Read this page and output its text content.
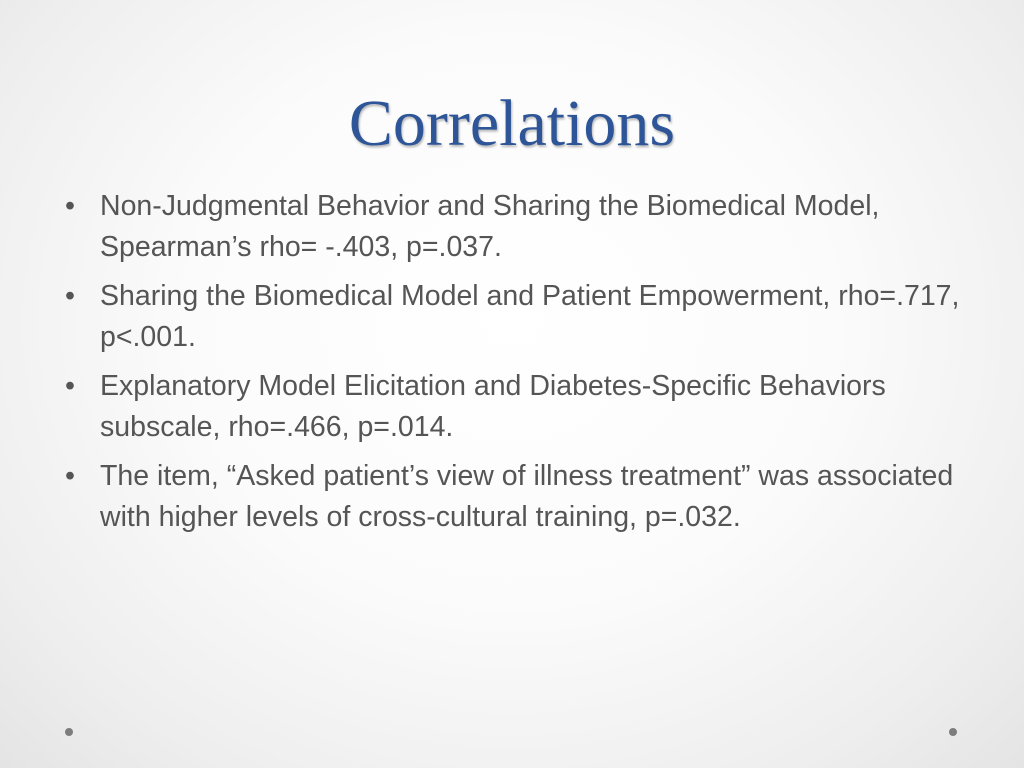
Correlations
• Non-Judgmental Behavior and Sharing the Biomedical Model, Spearman’s rho= -.403, p=.037.
• Sharing the Biomedical Model and Patient Empowerment, rho=.717, p<.001.
• Explanatory Model Elicitation and Diabetes-Specific Behaviors subscale, rho=.466, p=.014.
• The item, “Asked patient’s view of illness treatment” was associated with higher levels of cross-cultural training, p=.032.
